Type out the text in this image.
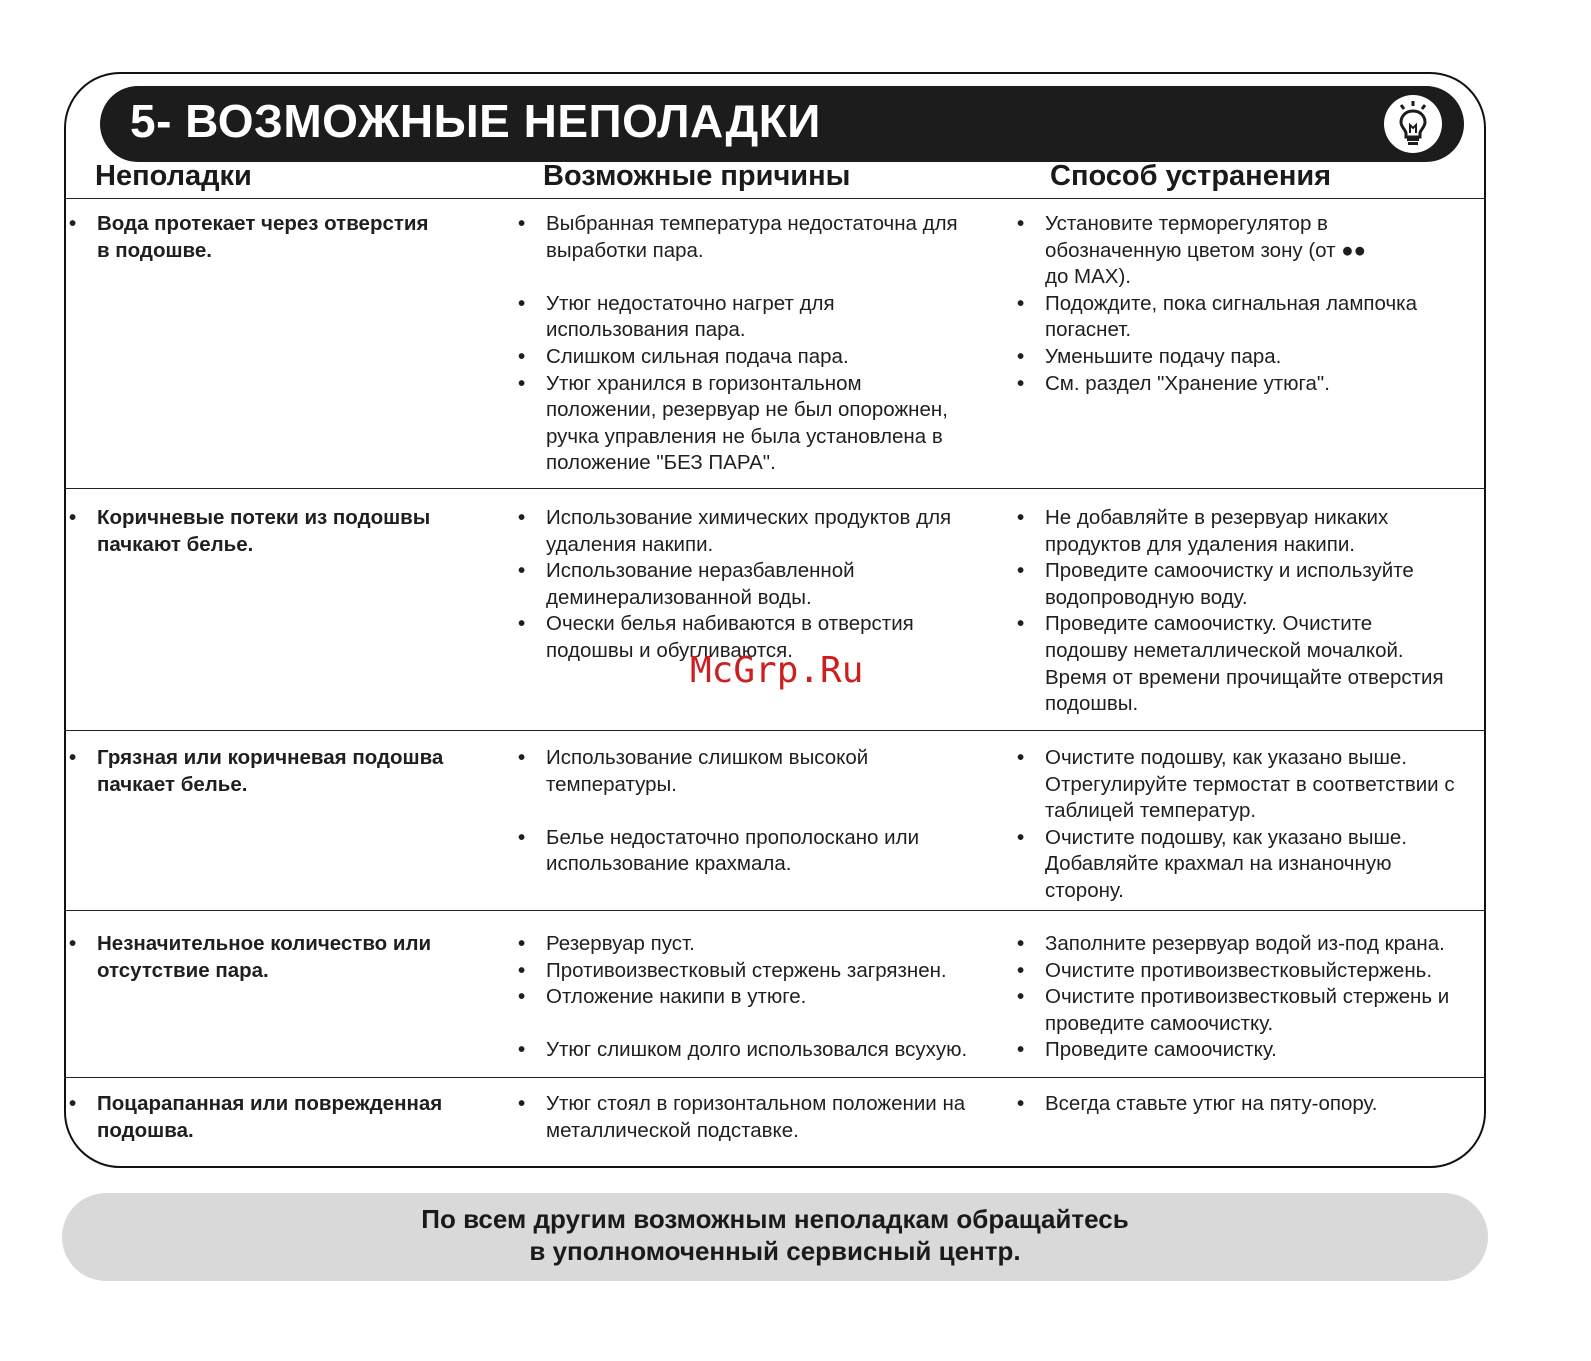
5- ВОЗМОЖНЫЕ НЕПОЛАДКИ
Неполадки	Возможные причины	Способ устранения
• Вода протекает через отверстия
в подошве.
• Выбранная температура недостаточна для
выработки пара.
• Утюг недостаточно нагрет для
использования пара.
• Слишком сильная подача пара.
• Утюг хранился в горизонтальном
положении, резервуар не был опорожнен,
ручка управления не была установлена в
положение "БЕЗ ПАРА".
• Установите терморегулятор в
обозначенную цветом зону (от ●●
до MAX).
• Подождите, пока сигнальная лампочка
погаснет.
• Уменьшите подачу пара.
• См. раздел "Хранение утюга".
• Коричневые потеки из подошвы
пачкают белье.
• Использование химических продуктов для
удаления накипи.
• Использование неразбавленной
деминерализованной воды.
• Очески белья набиваются в отверстия
подошвы и обугливаются.
• Не добавляйте в резервуар никаких
продуктов для удаления накипи.
• Проведите самоочистку и используйте
водопроводную воду.
• Проведите самоочистку. Очистите
подошву неметаллической мочалкой.
Время от времени прочищайте отверстия
подошвы.
• Грязная или коричневая подошва
пачкает белье.
• Использование слишком высокой
температуры.
• Белье недостаточно прополоскано или
использование крахмала.
• Очистите подошву, как указано выше.
Отрегулируйте термостат в соответствии с
таблицей температур.
• Очистите подошву, как указано выше.
Добавляйте крахмал на изнаночную
сторону.
• Незначительное количество или
отсутствие пара.
• Резервуар пуст.
• Противоизвестковый стержень загрязнен.
• Отложение накипи в утюге.
• Утюг слишком долго использовался всухую.
• Заполните резервуар водой из-под крана.
• Очистите противоизвестковыйстержень.
• Очистите противоизвестковый стержень и
проведите самоочистку.
• Проведите самоочистку.
• Поцарапанная или поврежденная
подошва.
• Утюг стоял в горизонтальном положении на
металлической подставке.
• Всегда ставьте утюг на пяту-опору.
McGrp.Ru
По всем другим возможным неполадкам обращайтесь
в уполномоченный сервисный центр.
